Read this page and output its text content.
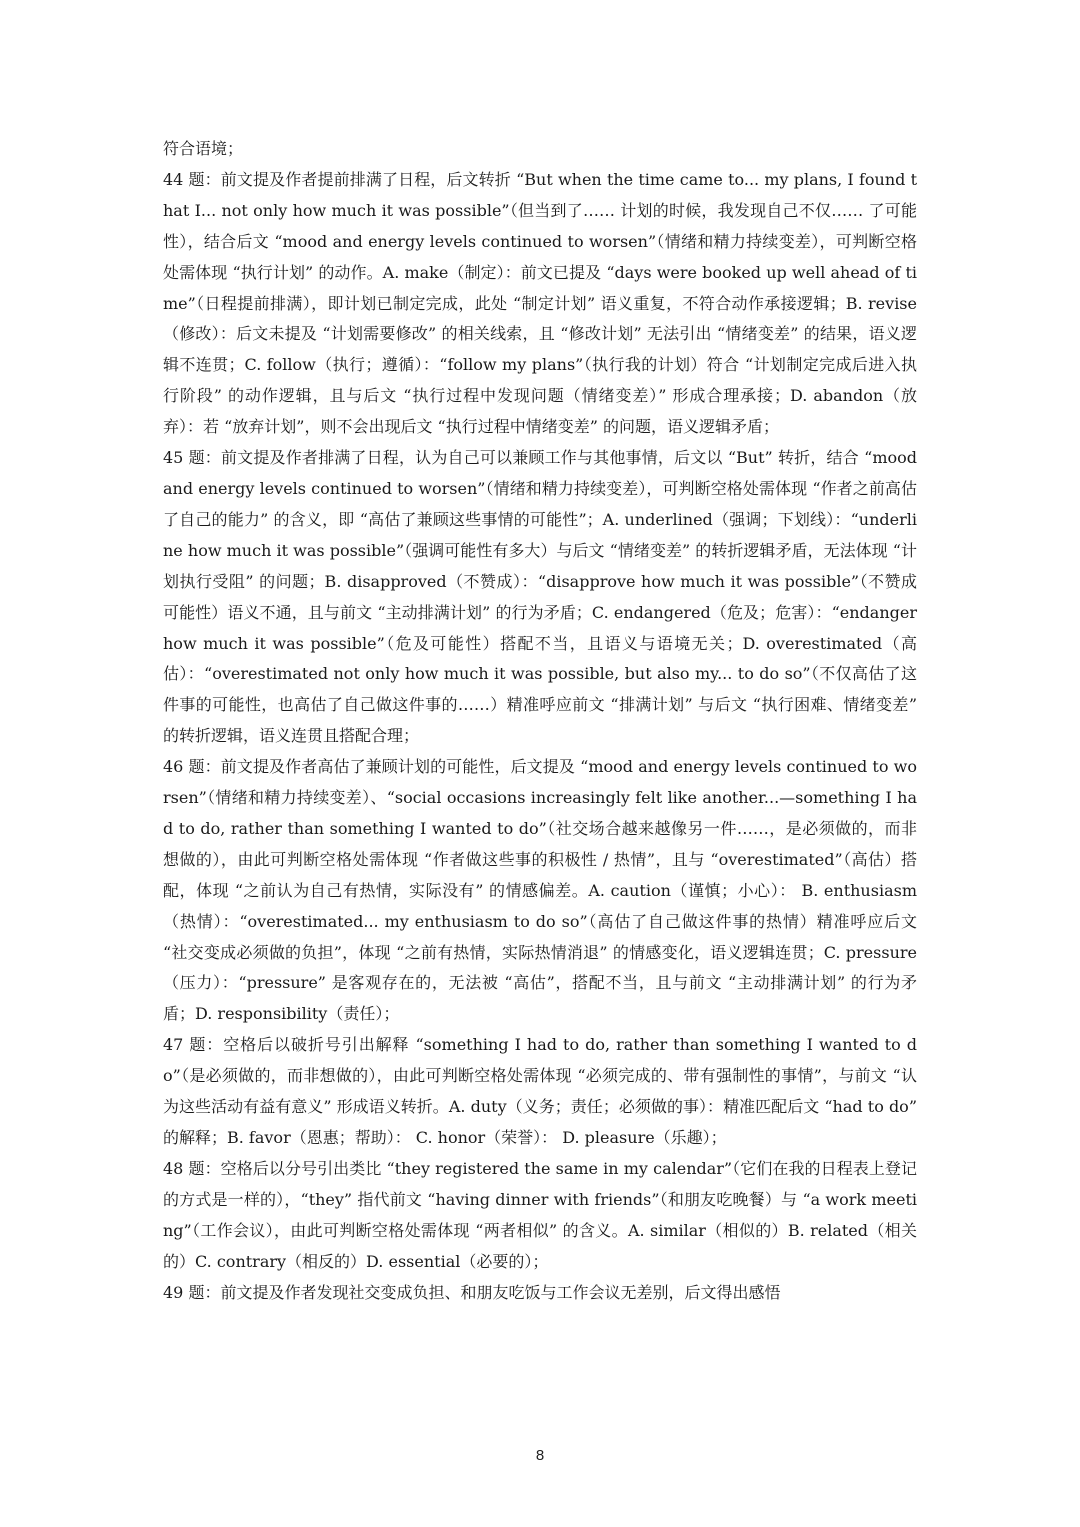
符合语境；

44 题：前文提及作者提前排满了日程，后文转折 “But when the time came to... my plans, I found that I... not only how much it was possible”（但当到了…… 计划的时候，我发现自己不仅…… 了可能性），结合后文 “mood and energy levels continued to worsen”（情绪和精力持续变差），可判断空格处需体现 “执行计划” 的动作。A. make（制定）：前文已提及 “days were booked up well ahead of time”（日程提前排满），即计划已制定完成，此处 “制定计划” 语义重复，不符合动作承接逻辑；B. revise（修改）：后文未提及 “计划需要修改” 的相关线索，且 “修改计划” 无法引出 “情绪变差” 的结果，语义逻辑不连贯；C. follow（执行；遵循）：“follow my plans”（执行我的计划）符合 “计划制定完成后进入执行阶段” 的动作逻辑，且与后文 “执行过程中发现问题（情绪变差）” 形成合理承接；D. abandon（放弃）：若 “放弃计划”，则不会出现后文 “执行过程中情绪变差” 的问题，语义逻辑矛盾；

45 题：前文提及作者排满了日程，认为自己可以兼顾工作与其他事情，后文以 “But” 转折，结合 “mood and energy levels continued to worsen”（情绪和精力持续变差），可判断空格处需体现 “作者之前高估了自己的能力” 的含义，即 “高估了兼顾这些事情的可能性”；A. underlined（强调；下划线）：“underline how much it was possible”（强调可能性有多大）与后文 “情绪变差” 的转折逻辑矛盾，无法体现 “计划执行受阻” 的问题；B. disapproved（不赞成）：“disapprove how much it was possible”（不赞成可能性）语义不通，且与前文 “主动排满计划” 的行为矛盾；C. endangered（危及；危害）：“endanger how much it was possible”（危及可能性）搭配不当，且语义与语境无关；D. overestimated（高估）：“overestimated not only how much it was possible, but also my... to do so”（不仅高估了这件事的可能性，也高估了自己做这件事的……）精准呼应前文 “排满计划” 与后文 “执行困难、情绪变差” 的转折逻辑，语义连贯且搭配合理；

46 题：前文提及作者高估了兼顾计划的可能性，后文提及 “mood and energy levels continued to worsen”（情绪和精力持续变差）、“social occasions increasingly felt like another...—something I had to do, rather than something I wanted to do”（社交场合越来越像另一件……，是必须做的，而非想做的），由此可判断空格处需体现 “作者做这些事的积极性 / 热情”，且与 “overestimated”（高估）搭配，体现 “之前认为自己有热情，实际没有” 的情感偏差。A. caution（谨慎；小心）： B. enthusiasm（热情）：“overestimated... my enthusiasm to do so”（高估了自己做这件事的热情）精准呼应后文 “社交变成必须做的负担”，体现 “之前有热情，实际热情消退” 的情感变化，语义逻辑连贯；C. pressure（压力）：“pressure” 是客观存在的，无法被 “高估”，搭配不当，且与前文 “主动排满计划” 的行为矛盾；D. responsibility（责任）；

47 题：空格后以破折号引出解释 “something I had to do, rather than something I wanted to do”（是必须做的，而非想做的），由此可判断空格处需体现 “必须完成的、带有强制性的事情”，与前文 “认为这些活动有益有意义” 形成语义转折。A. duty（义务；责任；必须做的事）：精准匹配后文 “had to do” 的解释；B. favor（恩惠；帮助）： C. honor（荣誉）： D. pleasure（乐趣）；

48 题：空格后以分号引出类比 “they registered the same in my calendar”（它们在我的日程表上登记的方式是一样的），“they” 指代前文 “having dinner with friends”（和朋友吃晚餐）与 “a work meeting”（工作会议），由此可判断空格处需体现 “两者相似” 的含义。A. similar（相似的）B. related（相关的）C. contrary（相反的）D. essential（必要的）；

49 题：前文提及作者发现社交变成负担、和朋友吃饭与工作会议无差别，后文得出感悟

8
